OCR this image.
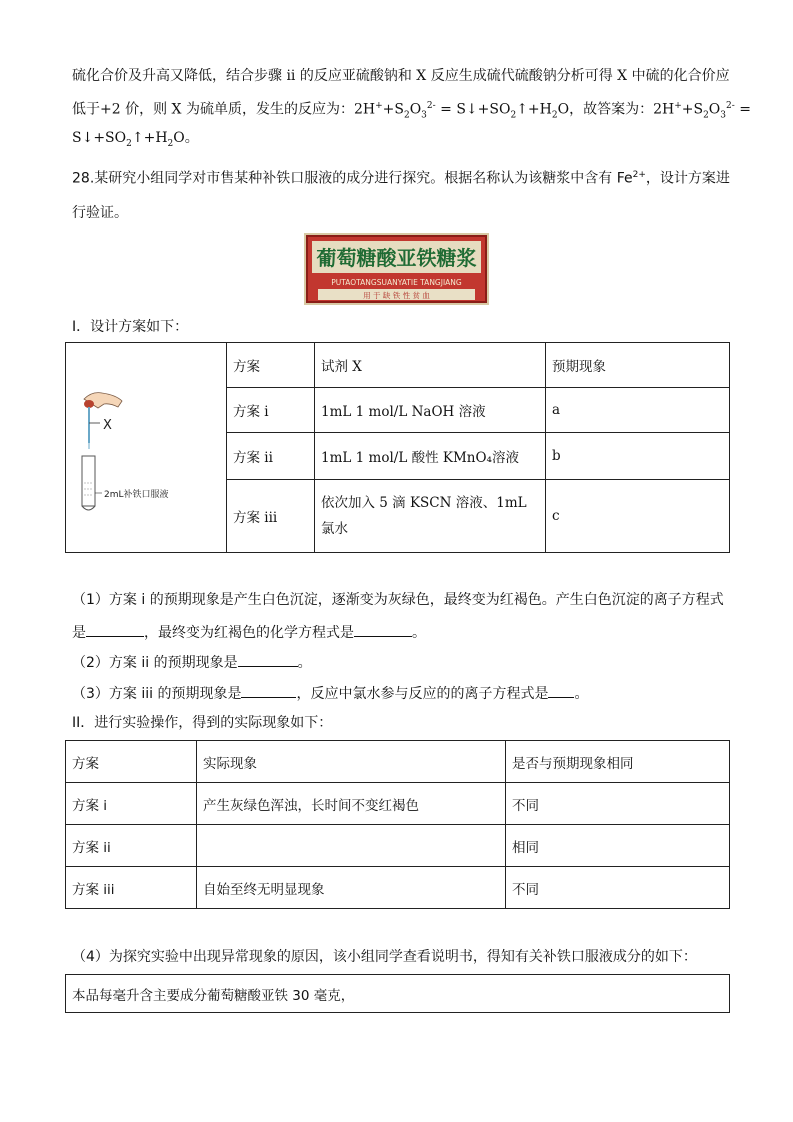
硫化合价及升高又降低，结合步骤 ii 的反应亚硫酸钠和 X 反应生成硫代硫酸钠分析可得 X 中硫的化合价应
低于+2 价，则 X 为硫单质，发生的反应为：$2H^++S_2O_3^{2-}$ = $S↓+SO_2↑+H_2O$，故答案为：$2H^++S_2O_3^{2-}$ =
$S↓+SO_2↑+H_2O$。
28.某研究小组同学对市售某种补铁口服液的成分进行探究。根据名称认为该糖浆中含有 $Fe^{2+}$，设计方案进
行验证。
葡萄糖酸亚铁糖浆
PUTAOTANGSUANYATIE TANGJIANG
用 于 缺 铁 性 贫 血
I．设计方案如下：
X
2mL补铁口服液	方案	试剂 X	预期现象
	方案 i	1mL 1 mol/L NaOH 溶液	a
	方案 ii	1mL 1 mol/L 酸性 KMnO₄溶液	b
	方案 iii	依次加入 5 滴 KSCN 溶液、1mL 氯水	c
（1）方案 i 的预期现象是产生白色沉淀，逐渐变为灰绿色，最终变为红褐色。产生白色沉淀的离子方程式
是	，最终变为红褐色的化学方程式是	。
（2）方案 ii 的预期现象是	。
（3）方案 iii 的预期现象是	，反应中氯水参与反应的的离子方程式是 。
II．进行实验操作，得到的实际现象如下：
方案	实际现象	是否与预期现象相同
方案 i	产生灰绿色浑浊，长时间不变红褐色	不同
方案 ii		相同
方案 iii	自始至终无明显现象	不同
（4）为探究实验中出现异常现象的原因，该小组同学查看说明书，得知有关补铁口服液成分的如下：
本品每毫升含主要成分葡萄糖酸亚铁 30 毫克，
